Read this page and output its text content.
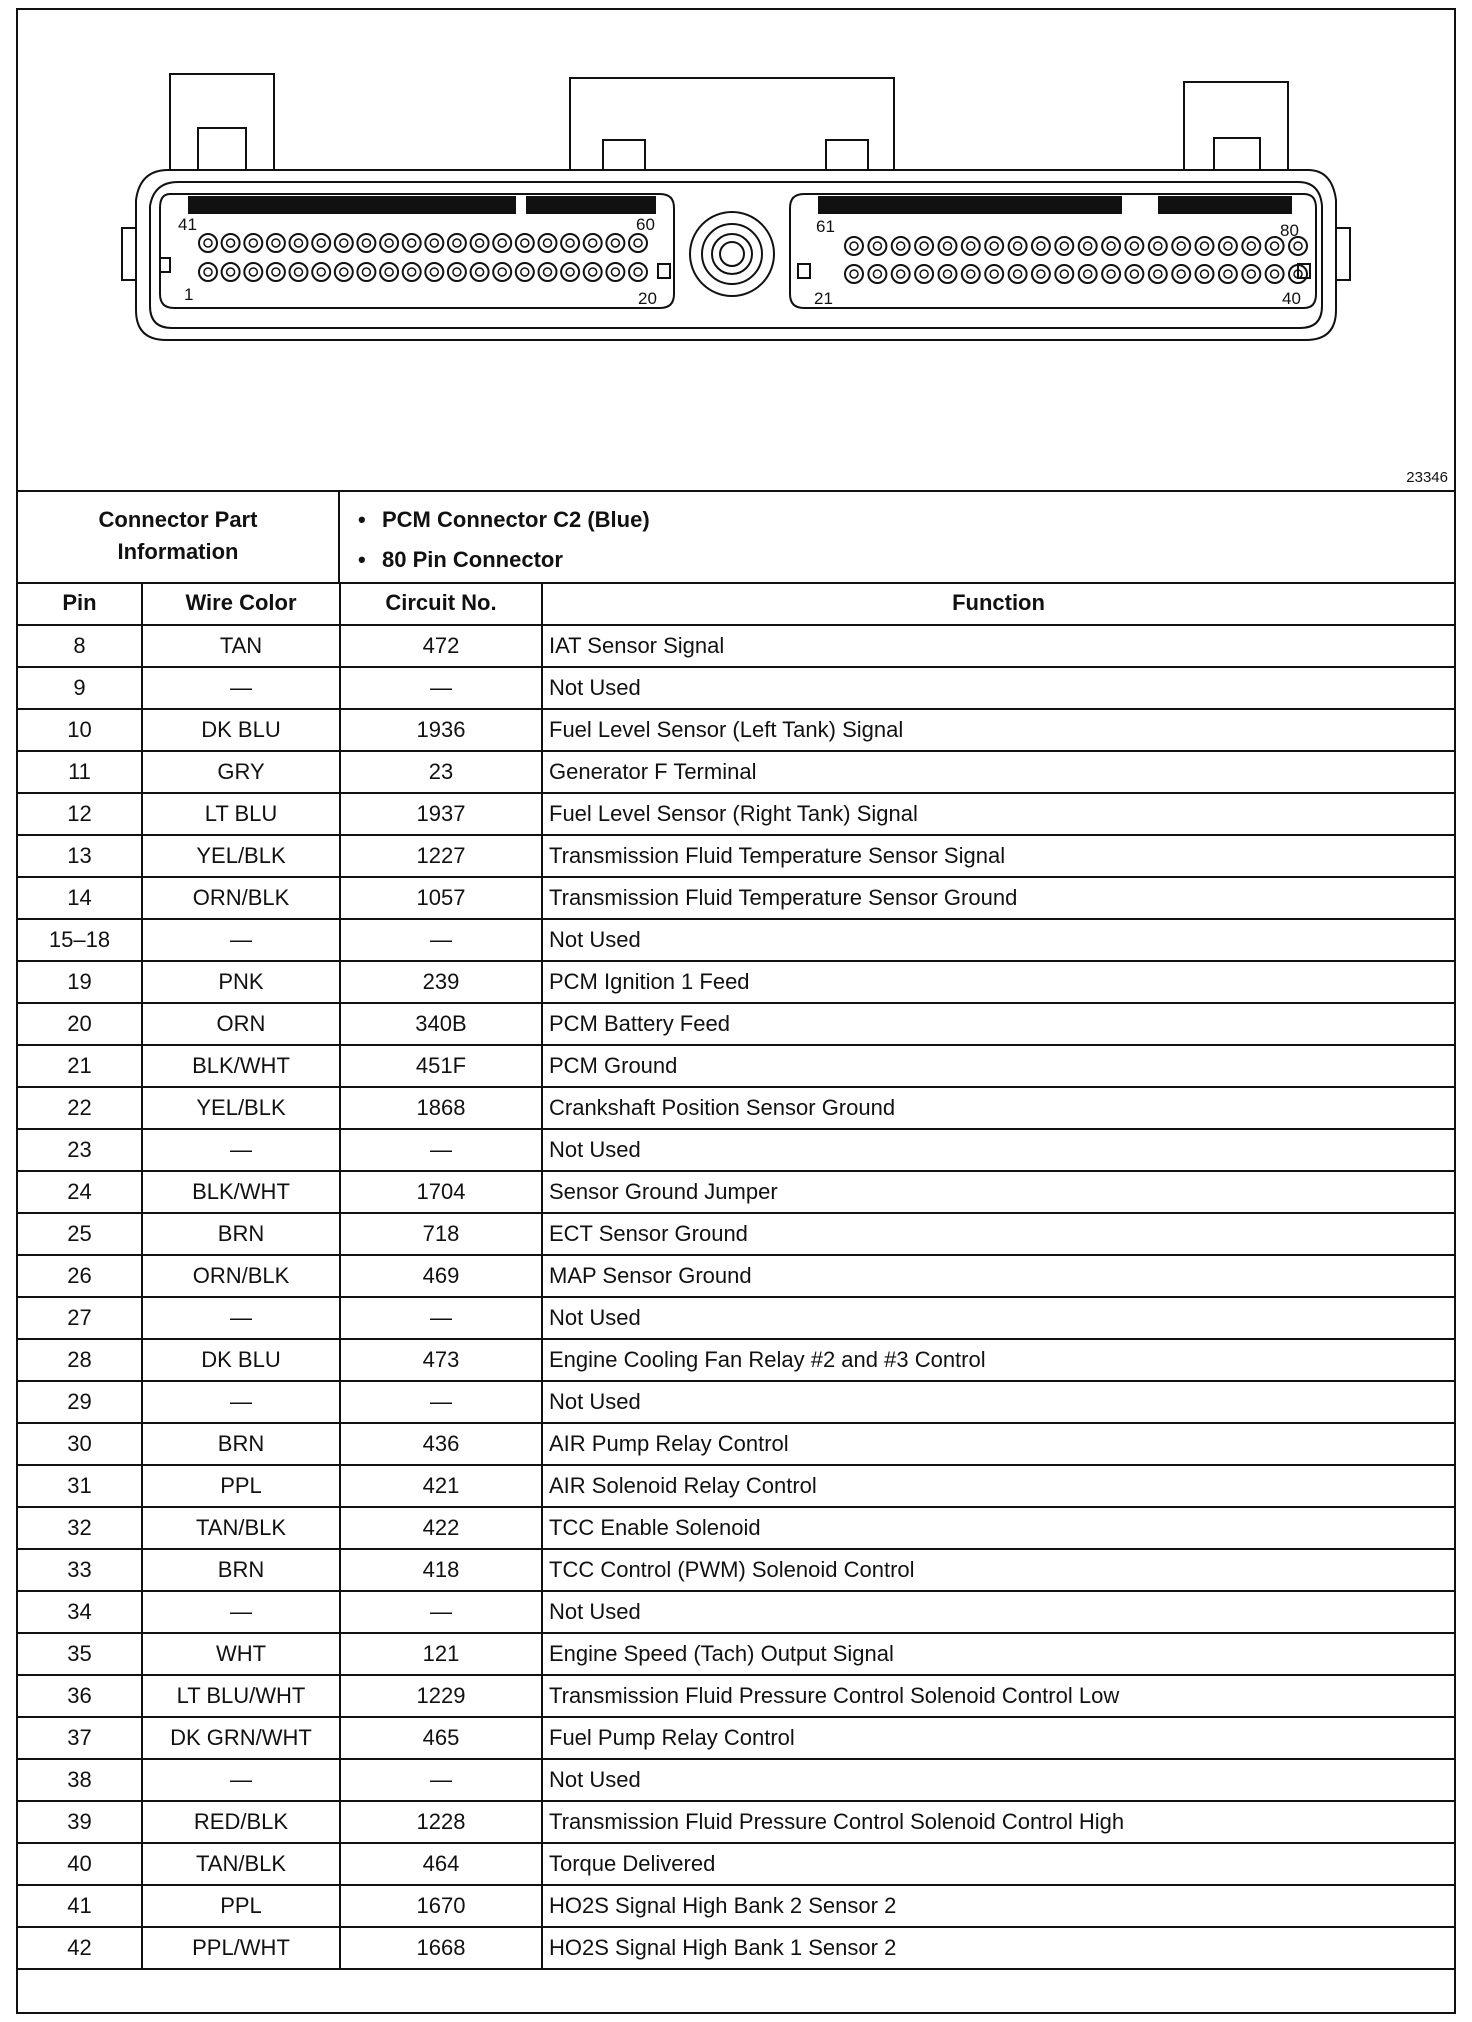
41	60
1	20
61	80
21	40
23346
Connector Part Information
• PCM Connector C2 (Blue)
• 80 Pin Connector
Pin	Wire Color	Circuit No.	Function
8	TAN	472	IAT Sensor Signal
9	—	—	Not Used
10	DK BLU	1936	Fuel Level Sensor (Left Tank) Signal
11	GRY	23	Generator F Terminal
12	LT BLU	1937	Fuel Level Sensor (Right Tank) Signal
13	YEL/BLK	1227	Transmission Fluid Temperature Sensor Signal
14	ORN/BLK	1057	Transmission Fluid Temperature Sensor Ground
15–18	—	—	Not Used
19	PNK	239	PCM Ignition 1 Feed
20	ORN	340B	PCM Battery Feed
21	BLK/WHT	451F	PCM Ground
22	YEL/BLK	1868	Crankshaft Position Sensor Ground
23	—	—	Not Used
24	BLK/WHT	1704	Sensor Ground Jumper
25	BRN	718	ECT Sensor Ground
26	ORN/BLK	469	MAP Sensor Ground
27	—	—	Not Used
28	DK BLU	473	Engine Cooling Fan Relay #2 and #3 Control
29	—	—	Not Used
30	BRN	436	AIR Pump Relay Control
31	PPL	421	AIR Solenoid Relay Control
32	TAN/BLK	422	TCC Enable Solenoid
33	BRN	418	TCC Control (PWM) Solenoid Control
34	—	—	Not Used
35	WHT	121	Engine Speed (Tach) Output Signal
36	LT BLU/WHT	1229	Transmission Fluid Pressure Control Solenoid Control Low
37	DK GRN/WHT	465	Fuel Pump Relay Control
38	—	—	Not Used
39	RED/BLK	1228	Transmission Fluid Pressure Control Solenoid Control High
40	TAN/BLK	464	Torque Delivered
41	PPL	1670	HO2S Signal High Bank 2 Sensor 2
42	PPL/WHT	1668	HO2S Signal High Bank 1 Sensor 2
